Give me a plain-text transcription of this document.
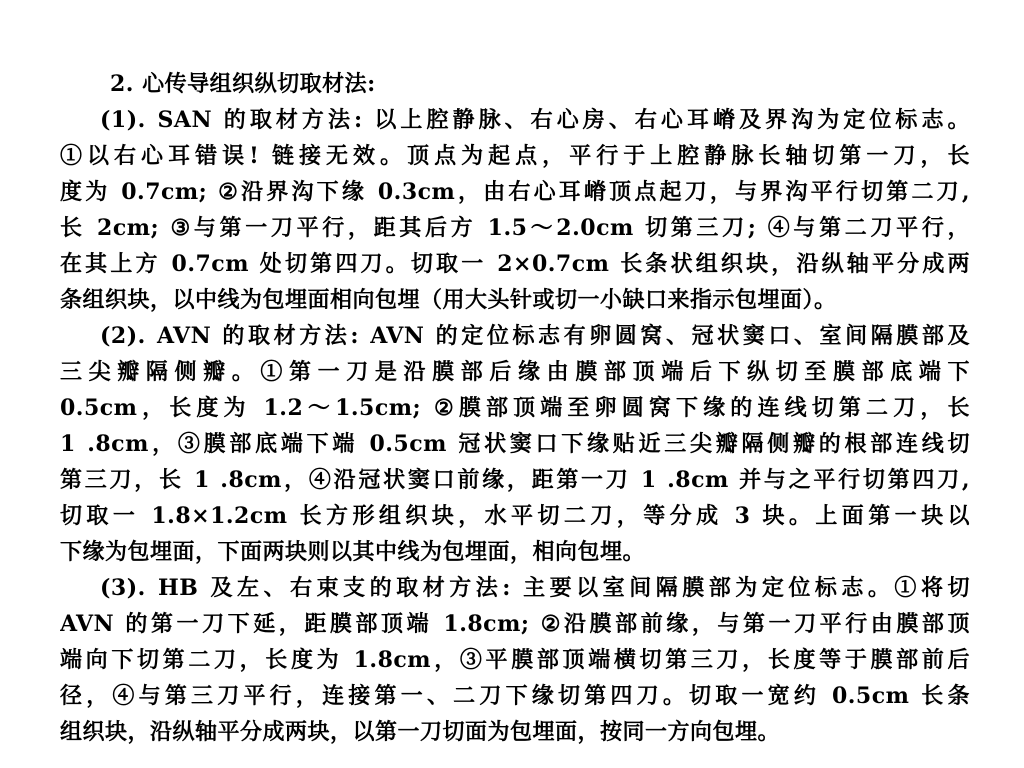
2. 心传导组织纵切取材法:
(1). SAN 的取材方法: 以上腔静脉、右心房、右心耳嵴及界沟为定位标志。
①以右心耳错误! 链接无效。顶点为起点，平行于上腔静脉长轴切第一刀，长
度为 0.7cm; ②沿界沟下缘 0.3cm，由右心耳嵴顶点起刀，与界沟平行切第二刀,
长 2cm; ③与第一刀平行，距其后方 1.5～2.0cm 切第三刀; ④与第二刀平行，
在其上方 0.7cm 处切第四刀。切取一 2×0.7cm 长条状组织块，沿纵轴平分成两
条组织块，以中线为包埋面相向包埋（用大头针或切一小缺口来指示包埋面）。
(2). AVN 的取材方法: AVN 的定位标志有卵圆窝、冠状窦口、室间隔膜部及
三尖瓣隔侧瓣。①第一刀是沿膜部后缘由膜部顶端后下纵切至膜部底端下
0.5cm，长度为 1.2～1.5cm; ②膜部顶端至卵圆窝下缘的连线切第二刀，长
1 .8cm，③膜部底端下端 0.5cm 冠状窦口下缘贴近三尖瓣隔侧瓣的根部连线切
第三刀，长 1 .8cm，④沿冠状窦口前缘，距第一刀 1 .8cm 并与之平行切第四刀,
切取一 1.8×1.2cm 长方形组织块，水平切二刀，等分成 3 块。上面第一块以
下缘为包埋面，下面两块则以其中线为包埋面，相向包埋。
(3). HB 及左、右束支的取材方法: 主要以室间隔膜部为定位标志。①将切
AVN 的第一刀下延，距膜部顶端 1.8cm; ②沿膜部前缘，与第一刀平行由膜部顶
端向下切第二刀，长度为 1.8cm，③平膜部顶端横切第三刀，长度等于膜部前后
径，④与第三刀平行，连接第一、二刀下缘切第四刀。切取一宽约 0.5cm 长条
组织块，沿纵轴平分成两块，以第一刀切面为包埋面，按同一方向包埋。
